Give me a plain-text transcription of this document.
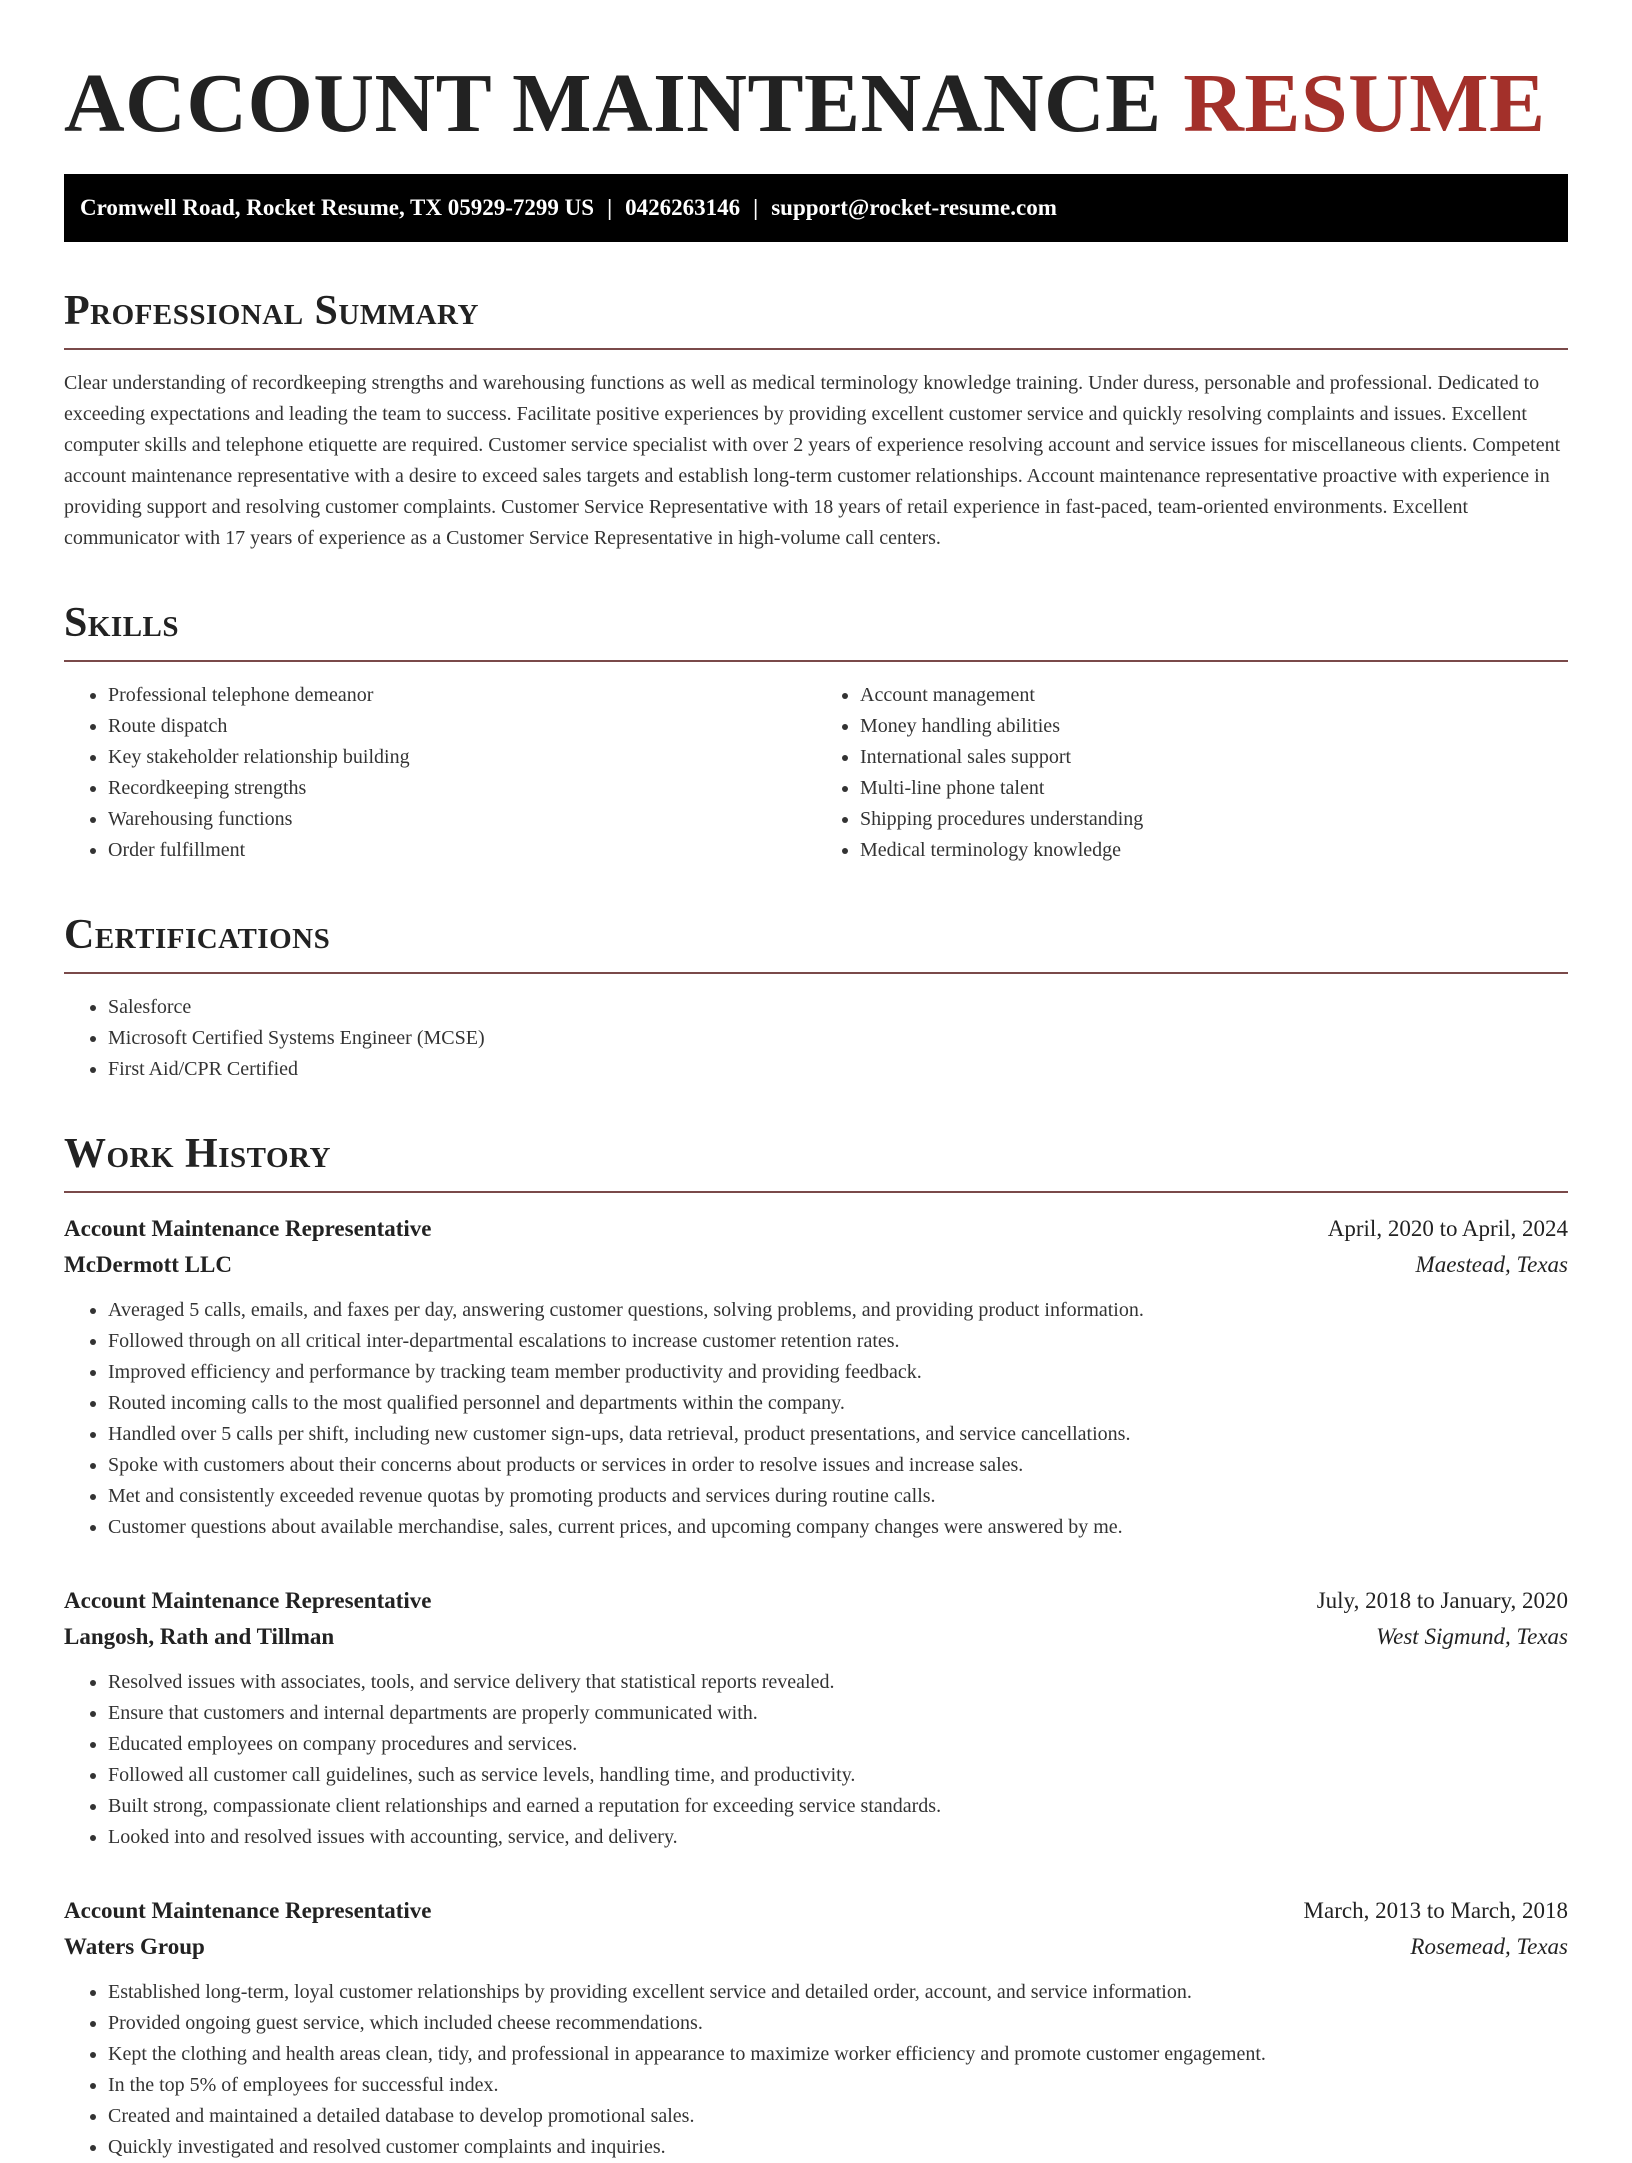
ACCOUNT MAINTENANCE RESUME
Cromwell Road, Rocket Resume, TX 05929-7299 US | 0426263146 | support@rocket-resume.com
Professional Summary

Clear understanding of recordkeeping strengths and warehousing functions as well as medical terminology knowledge training. Under duress, personable and professional. Dedicated to exceeding expectations and leading the team to success. Facilitate positive experiences by providing excellent customer service and quickly resolving complaints and issues. Excellent computer skills and telephone etiquette are required. Customer service specialist with over 2 years of experience resolving account and service issues for miscellaneous clients. Competent account maintenance representative with a desire to exceed sales targets and establish long-term customer relationships. Account maintenance representative proactive with experience in providing support and resolving customer complaints. Customer Service Representative with 18 years of retail experience in fast-paced, team-oriented environments. Excellent communicator with 17 years of experience as a Customer Service Representative in high-volume call centers.

Skills
• Professional telephone demeanor
• Route dispatch
• Key stakeholder relationship building
• Recordkeeping strengths
• Warehousing functions
• Order fulfillment
• Account management
• Money handling abilities
• International sales support
• Multi-line phone talent
• Shipping procedures understanding
• Medical terminology knowledge
Certifications
• Salesforce
• Microsoft Certified Systems Engineer (MCSE)
• First Aid/CPR Certified
Work History
Account Maintenance Representative	April, 2020 to April, 2024
McDermott LLC	Maestead, Texas
• Averaged 5 calls, emails, and faxes per day, answering customer questions, solving problems, and providing product information.
• Followed through on all critical inter-departmental escalations to increase customer retention rates.
• Improved efficiency and performance by tracking team member productivity and providing feedback.
• Routed incoming calls to the most qualified personnel and departments within the company.
• Handled over 5 calls per shift, including new customer sign-ups, data retrieval, product presentations, and service cancellations.
• Spoke with customers about their concerns about products or services in order to resolve issues and increase sales.
• Met and consistently exceeded revenue quotas by promoting products and services during routine calls.
• Customer questions about available merchandise, sales, current prices, and upcoming company changes were answered by me.
Account Maintenance Representative	July, 2018 to January, 2020
Langosh, Rath and Tillman	West Sigmund, Texas
• Resolved issues with associates, tools, and service delivery that statistical reports revealed.
• Ensure that customers and internal departments are properly communicated with.
• Educated employees on company procedures and services.
• Followed all customer call guidelines, such as service levels, handling time, and productivity.
• Built strong, compassionate client relationships and earned a reputation for exceeding service standards.
• Looked into and resolved issues with accounting, service, and delivery.
Account Maintenance Representative	March, 2013 to March, 2018
Waters Group	Rosemead, Texas
• Established long-term, loyal customer relationships by providing excellent service and detailed order, account, and service information.
• Provided ongoing guest service, which included cheese recommendations.
• Kept the clothing and health areas clean, tidy, and professional in appearance to maximize worker efficiency and promote customer engagement.
• In the top 5% of employees for successful index.
• Created and maintained a detailed database to develop promotional sales.
• Quickly investigated and resolved customer complaints and inquiries.
